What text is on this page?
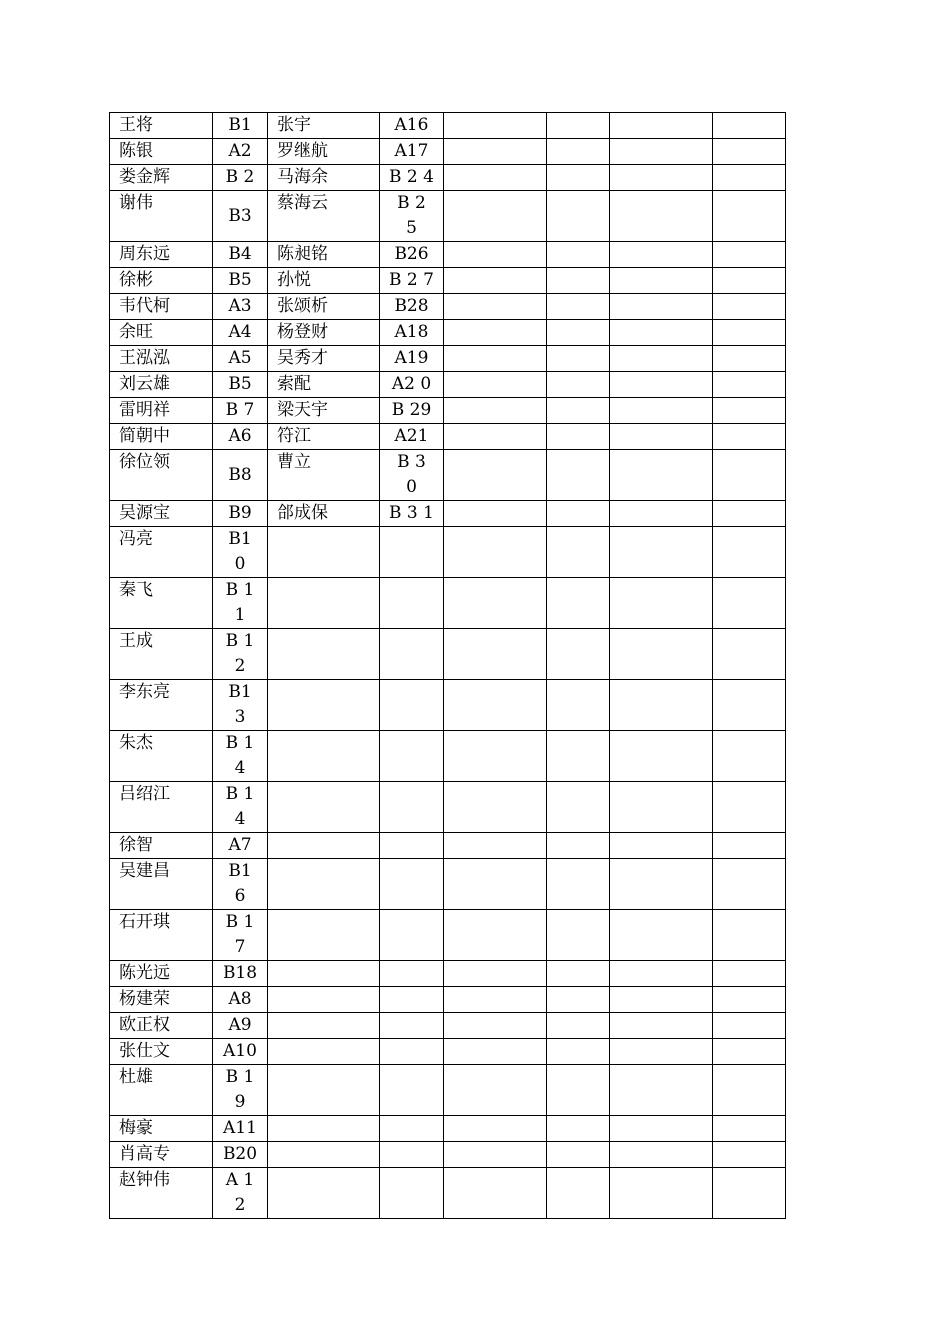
王将	B1	张宇	A16				
陈银	A2	罗继航	A17				
娄金辉	B 2	马海余	B 2 4				
谢伟	B3	蔡海云	B 2 5				
周东远	B4	陈昶铭	B26				
徐彬	B5	孙悦	B 2 7				
韦代柯	A3	张颂析	B28				
余旺	A4	杨登财	A18				
王泓泓	A5	吴秀才	A19				
刘云雄	B5	索配	A2 0				
雷明祥	B 7	梁天宇	B 29				
简朝中	A6	符江	A21				
徐位领	B8	曹立	B 3 0				
吴源宝	B9	郃成保	B 3 1				
冯亮	B10						
秦飞	B 1 1						
王成	B 12						
李东亮	B13						
朱杰	B 1 4						
吕绍江	B 1 4						
徐智	A7						
吴建昌	B16						
石开琪	B 17						
陈光远	B18						
杨建荣	A8						
欧正权	A9						
张仕文	A10						
杜雄	B 19						
梅豪	A11						
肖高专	B20						
赵钟伟	A 1 2						
